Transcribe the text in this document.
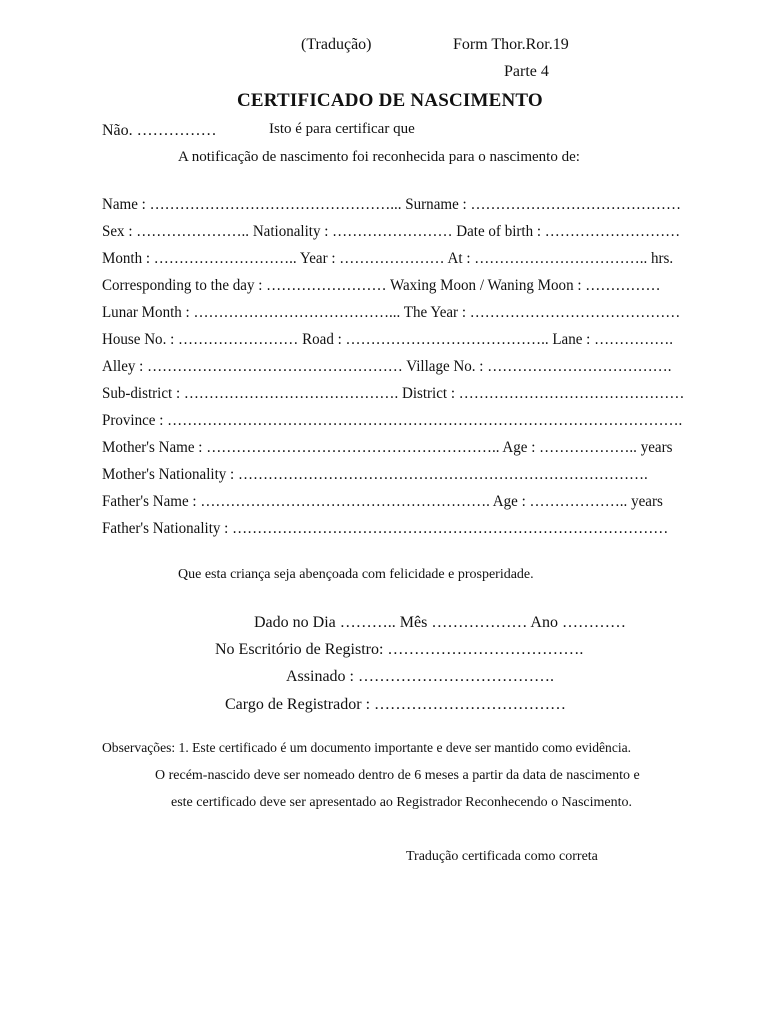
(Tradução)	Form Thor.Ror.19
Parte 4
CERTIFICADO DE NASCIMENTO
Não. ……………	Isto é para certificar que
A notificação de nascimento foi reconhecida para o nascimento de:
Name : …………………………………………... Surname : ……………………………………
Sex : ………………….. Nationality : …………………… Date of birth : ………………………
Month : ……………………….. Year : ………………… At : …………………………….. hrs.
Corresponding to the day : …………………… Waxing Moon / Waning Moon : ……………
Lunar Month : …………………………………... The Year : ……………………………………
House No. : …………………… Road : ………………………………….. Lane : …………….
Alley : …………………………………………… Village No. : ……………………………….
Sub-district : ……………………………………. District : ………………………………………
Province : ………………………………………………………………………………………….
Mother's Name : ………………………………………………….. Age : ……………….. years
Mother's Nationality : ……………………………………………………………………….
Father's Name : …………………………………………………. Age : ……………….. years
Father's Nationality : ……………………………………………………………………………
Que esta criança seja abençoada com felicidade e prosperidade.
Dado no Dia ……….. Mês ……………… Ano …………
No Escritório de Registro: ……………………………….
Assinado : ……………………………….
Cargo de Registrador : ………………………………
Observações: 1. Este certificado é um documento importante e deve ser mantido como evidência.
O recém-nascido deve ser nomeado dentro de 6 meses a partir da data de nascimento e
este certificado deve ser apresentado ao Registrador Reconhecendo o Nascimento.
Tradução certificada como correta
